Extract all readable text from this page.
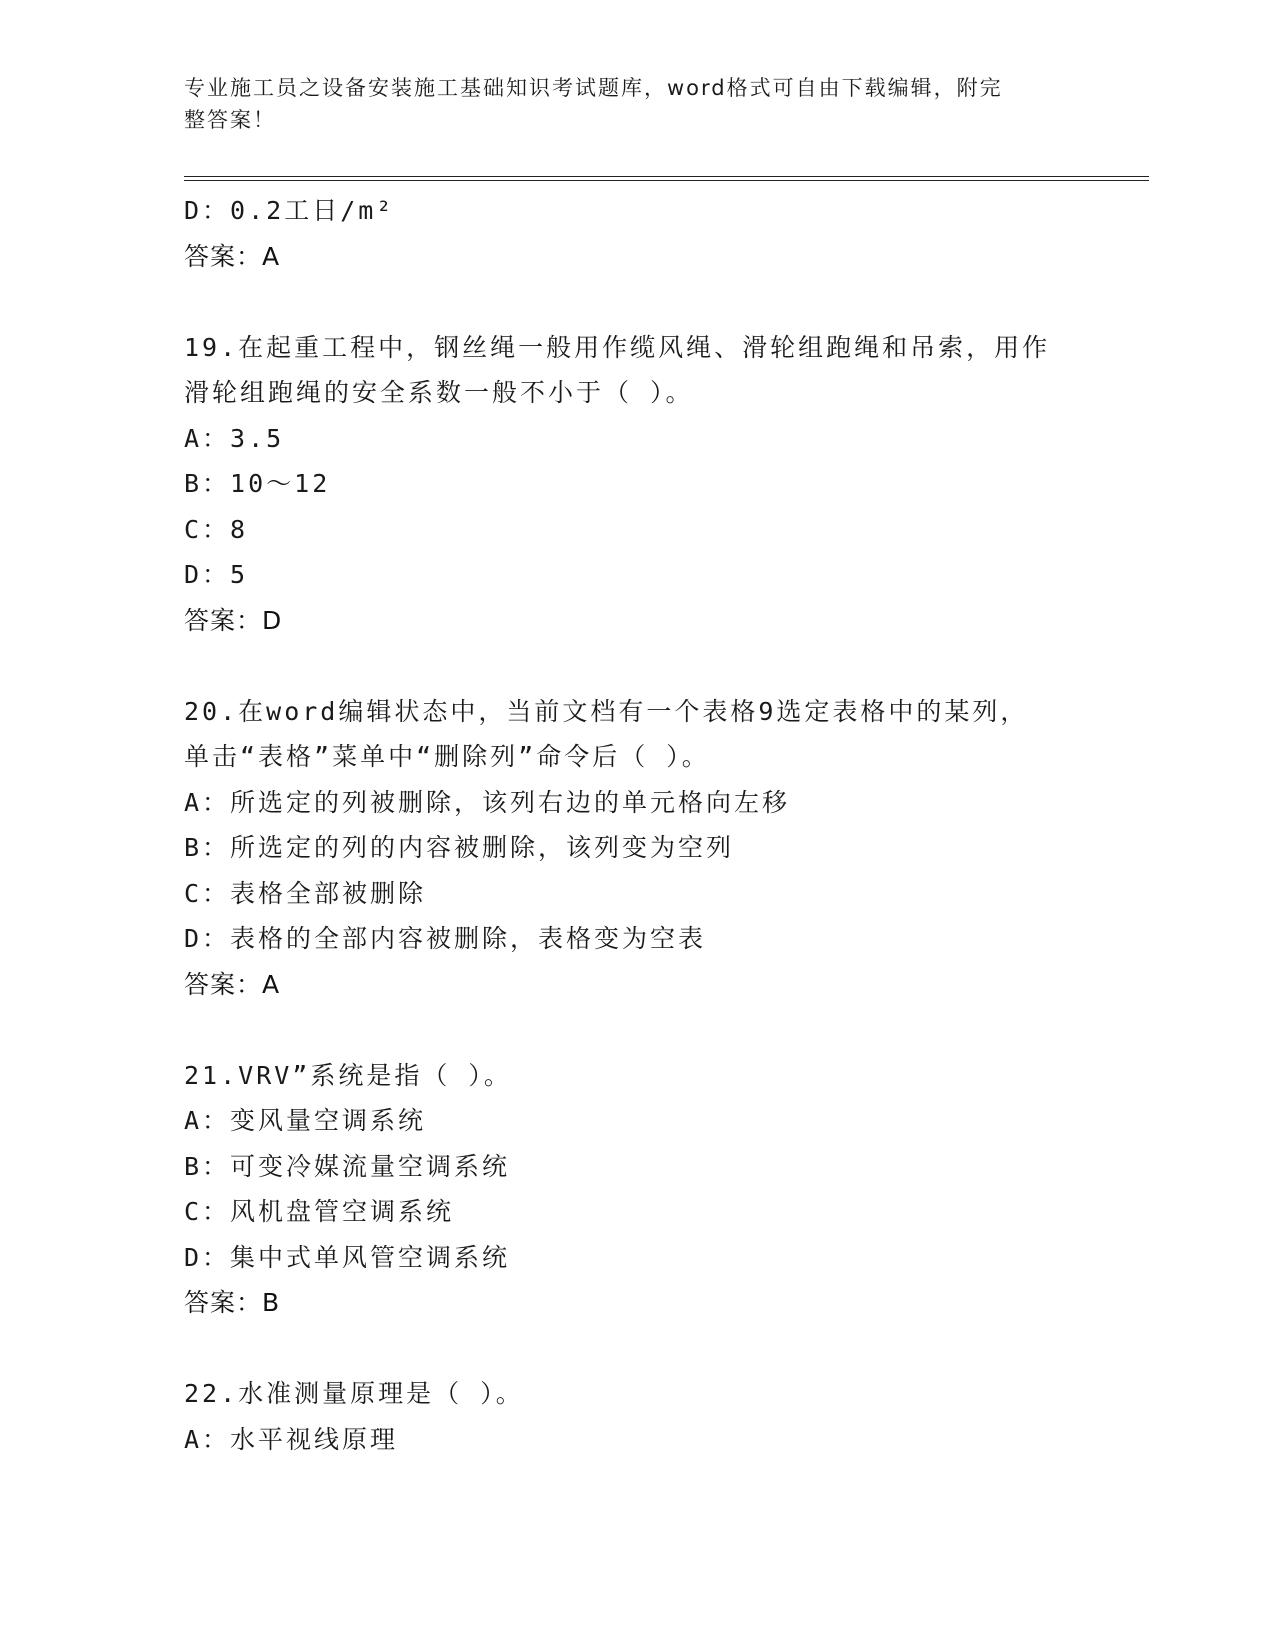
专业施工员之设备安装施工基础知识考试题库，word格式可自由下载编辑，附完
整答案！
D：0.2工日/m²
答案：A
19.在起重工程中，钢丝绳一般用作缆风绳、滑轮组跑绳和吊索，用作
滑轮组跑绳的安全系数一般不小于（ ）。
A：3.5
B：10～12
C：8
D：5
答案：D
20.在word编辑状态中，当前文档有一个表格9选定表格中的某列，
单击“表格”菜单中“删除列”命令后（ ）。
A：所选定的列被删除，该列右边的单元格向左移
B：所选定的列的内容被删除，该列变为空列
C：表格全部被删除
D：表格的全部内容被删除，表格变为空表
答案：A
21.VRV”系统是指（ ）。
A：变风量空调系统
B：可变冷媒流量空调系统
C：风机盘管空调系统
D：集中式单风管空调系统
答案：B
22.水准测量原理是（ ）。
A：水平视线原理
